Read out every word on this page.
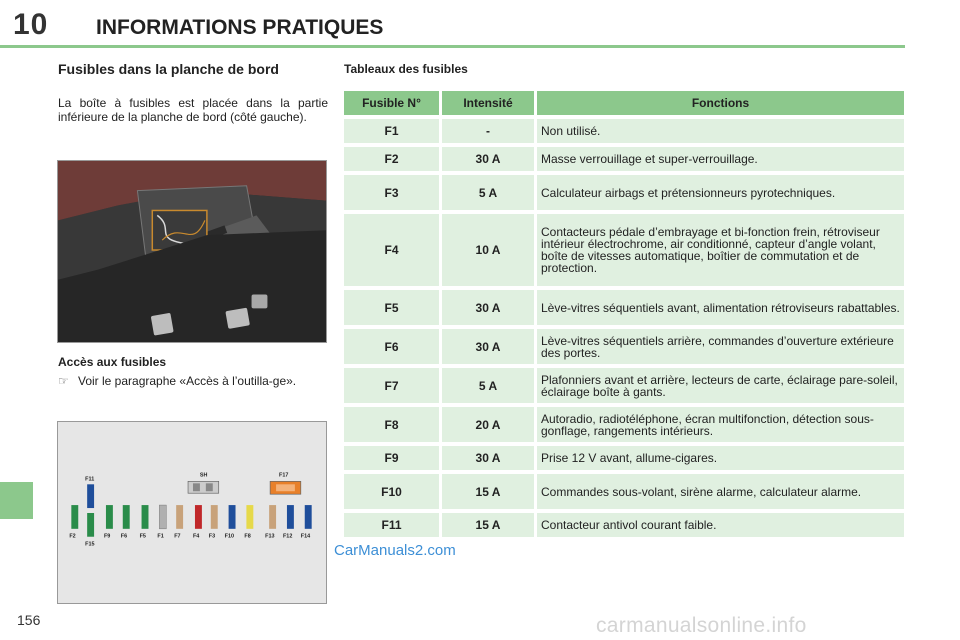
10 INFORMATIONS PRATIQUES
Fusibles dans la planche de bord
La boîte à fusibles est placée dans la partie inférieure de la planche de bord (côté gauche).
Accès aux fusibles
☞ Voir le paragraphe «Accès à l’outilla-ge».
F11
SH	F17
F2
F15
F9 F6 F5 F1 F7 F4 F3 F10 F8	F13 F12 F14
Tableaux des fusibles
Fusible N°	Intensité	Fonctions
F1	-	Non utilisé.
F2	30 A	Masse verrouillage et super-verrouillage.
F3	5 A	Calculateur airbags et prétensionneurs pyrotechniques.
F4	10 A	Contacteurs pédale d’embrayage et bi-fonction frein, rétroviseur intérieur électrochrome, air conditionné, capteur d’angle volant, boîte de vitesses automatique, boîtier de commutation et de protection.
F5	30 A	Lève-vitres séquentiels avant, alimentation rétroviseurs rabattables.
F6	30 A	Lève-vitres séquentiels arrière, commandes d’ouverture extérieure des portes.
F7	5 A	Plafonniers avant et arrière, lecteurs de carte, éclairage pare-soleil, éclairage boîte à gants.
F8	20 A	Autoradio, radiotéléphone, écran multifonction, détection sous-gonflage, rangements intérieurs.
F9	30 A	Prise 12 V avant, allume-cigares.
F10	15 A	Commandes sous-volant, sirène alarme, calculateur alarme.
F11	15 A	Contacteur antivol courant faible.
156
CarManuals2.com
carmanualsonline.info
